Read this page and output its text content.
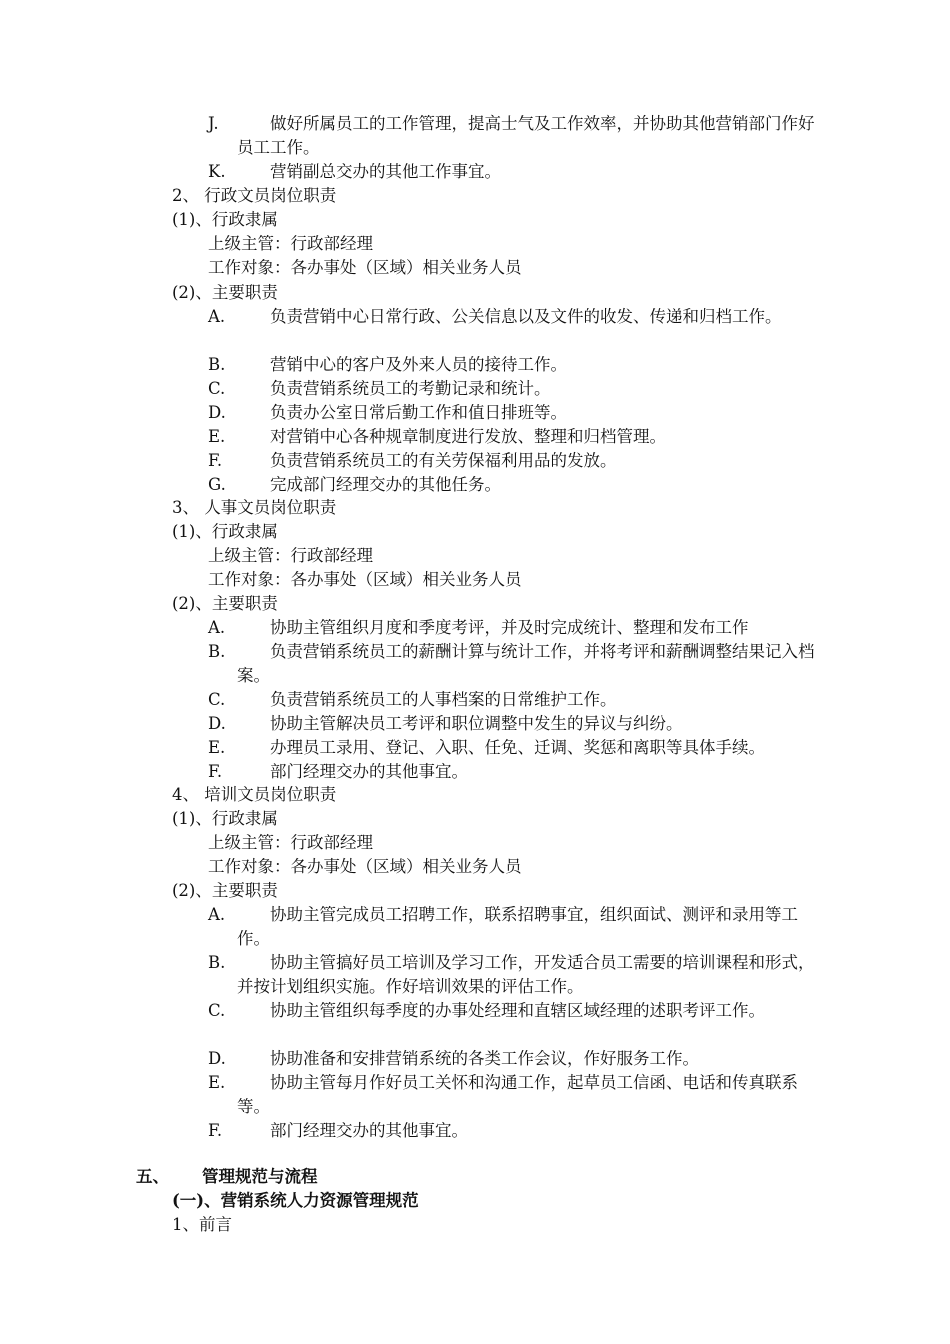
J.	做好所属员工的工作管理，提高士气及工作效率，并协助其他营销部门作好员工工作。
K.	营销副总交办的其他工作事宜。
2、 行政文员岗位职责
(1)、行政隶属
上级主管：行政部经理
工作对象：各办事处（区域）相关业务人员
(2)、主要职责
A.	负责营销中心日常行政、公关信息以及文件的收发、传递和归档工作。
B.	营销中心的客户及外来人员的接待工作。
C.	负责营销系统员工的考勤记录和统计。
D.	负责办公室日常后勤工作和值日排班等。
E.	对营销中心各种规章制度进行发放、整理和归档管理。
F.	负责营销系统员工的有关劳保福利用品的发放。
G.	完成部门经理交办的其他任务。
3、 人事文员岗位职责
(1)、行政隶属
上级主管：行政部经理
工作对象：各办事处（区域）相关业务人员
(2)、主要职责
A.	协助主管组织月度和季度考评，并及时完成统计、整理和发布工作
B.	负责营销系统员工的薪酬计算与统计工作，并将考评和薪酬调整结果记入档案。
C.	负责营销系统员工的人事档案的日常维护工作。
D.	协助主管解决员工考评和职位调整中发生的异议与纠纷。
E.	办理员工录用、登记、入职、任免、迁调、奖惩和离职等具体手续。
F.	部门经理交办的其他事宜。
4、 培训文员岗位职责
(1)、行政隶属
上级主管：行政部经理
工作对象：各办事处（区域）相关业务人员
(2)、主要职责
A.	协助主管完成员工招聘工作，联系招聘事宜，组织面试、测评和录用等工作。
B.	协助主管搞好员工培训及学习工作，开发适合员工需要的培训课程和形式，并按计划组织实施。作好培训效果的评估工作。
C.	协助主管组织每季度的办事处经理和直辖区域经理的述职考评工作。
D.	协助准备和安排营销系统的各类工作会议，作好服务工作。
E.	协助主管每月作好员工关怀和沟通工作，起草员工信函、电话和传真联系等。
F.	部门经理交办的其他事宜。
五、 管理规范与流程
(一)、营销系统人力资源管理规范
1、前言
